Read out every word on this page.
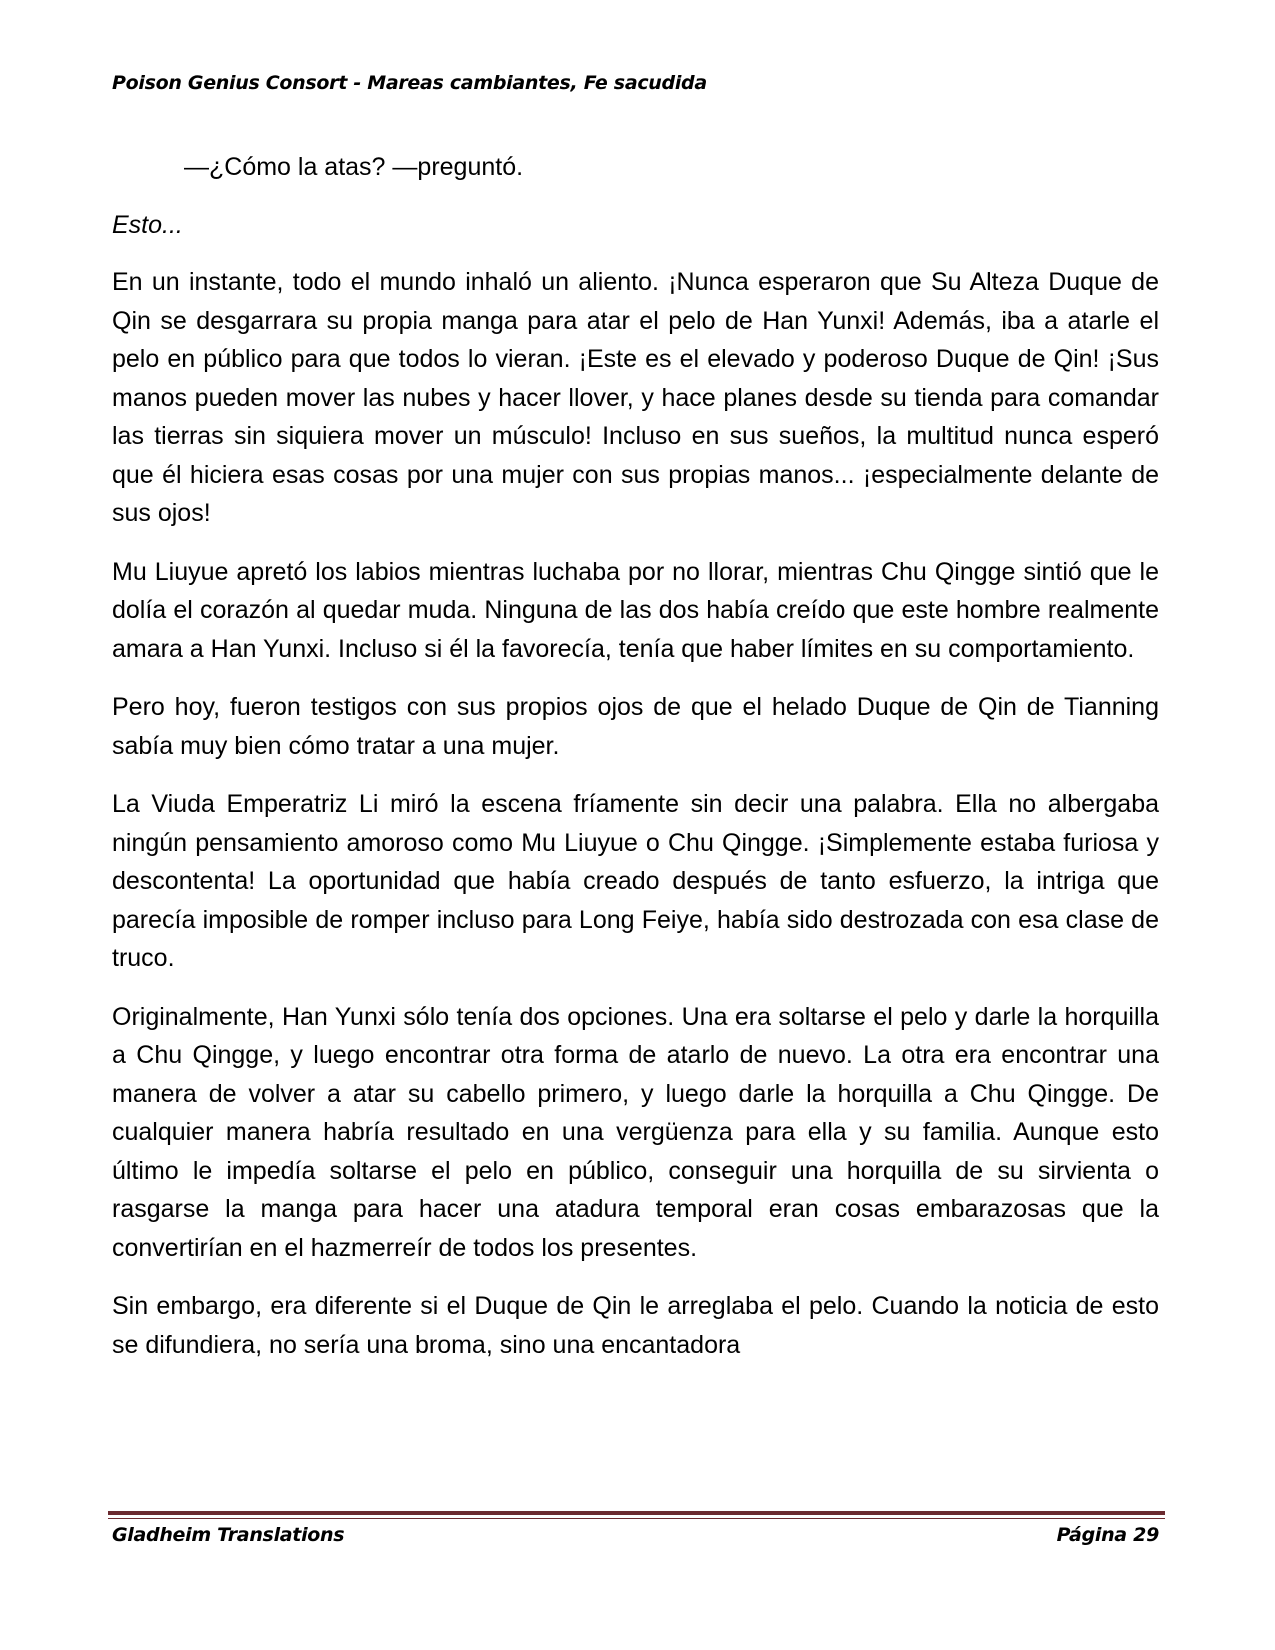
Poison Genius Consort - Mareas cambiantes, Fe sacudida

—¿Cómo la atas? —preguntó.

Esto...

En un instante, todo el mundo inhaló un aliento. ¡Nunca esperaron que Su Alteza Duque de Qin se desgarrara su propia manga para atar el pelo de Han Yunxi! Además, iba a atarle el pelo en público para que todos lo vieran. ¡Este es el elevado y poderoso Duque de Qin! ¡Sus manos pueden mover las nubes y hacer llover, y hace planes desde su tienda para comandar las tierras sin siquiera mover un músculo! Incluso en sus sueños, la multitud nunca esperó que él hiciera esas cosas por una mujer con sus propias manos... ¡especialmente delante de sus ojos!

Mu Liuyue apretó los labios mientras luchaba por no llorar, mientras Chu Qingge sintió que le dolía el corazón al quedar muda. Ninguna de las dos había creído que este hombre realmente amara a Han Yunxi. Incluso si él la favorecía, tenía que haber límites en su comportamiento.

Pero hoy, fueron testigos con sus propios ojos de que el helado Duque de Qin de Tianning sabía muy bien cómo tratar a una mujer.

La Viuda Emperatriz Li miró la escena fríamente sin decir una palabra. Ella no albergaba ningún pensamiento amoroso como Mu Liuyue o Chu Qingge. ¡Simplemente estaba furiosa y descontenta! La oportunidad que había creado después de tanto esfuerzo, la intriga que parecía imposible de romper incluso para Long Feiye, había sido destrozada con esa clase de truco.

Originalmente, Han Yunxi sólo tenía dos opciones. Una era soltarse el pelo y darle la horquilla a Chu Qingge, y luego encontrar otra forma de atarlo de nuevo. La otra era encontrar una manera de volver a atar su cabello primero, y luego darle la horquilla a Chu Qingge. De cualquier manera habría resultado en una vergüenza para ella y su familia. Aunque esto último le impedía soltarse el pelo en público, conseguir una horquilla de su sirvienta o rasgarse la manga para hacer una atadura temporal eran cosas embarazosas que la convertirían en el hazmerreír de todos los presentes.

Sin embargo, era diferente si el Duque de Qin le arreglaba el pelo. Cuando la noticia de esto se difundiera, no sería una broma, sino una encantadora

Gladheim Translations	Página 29
